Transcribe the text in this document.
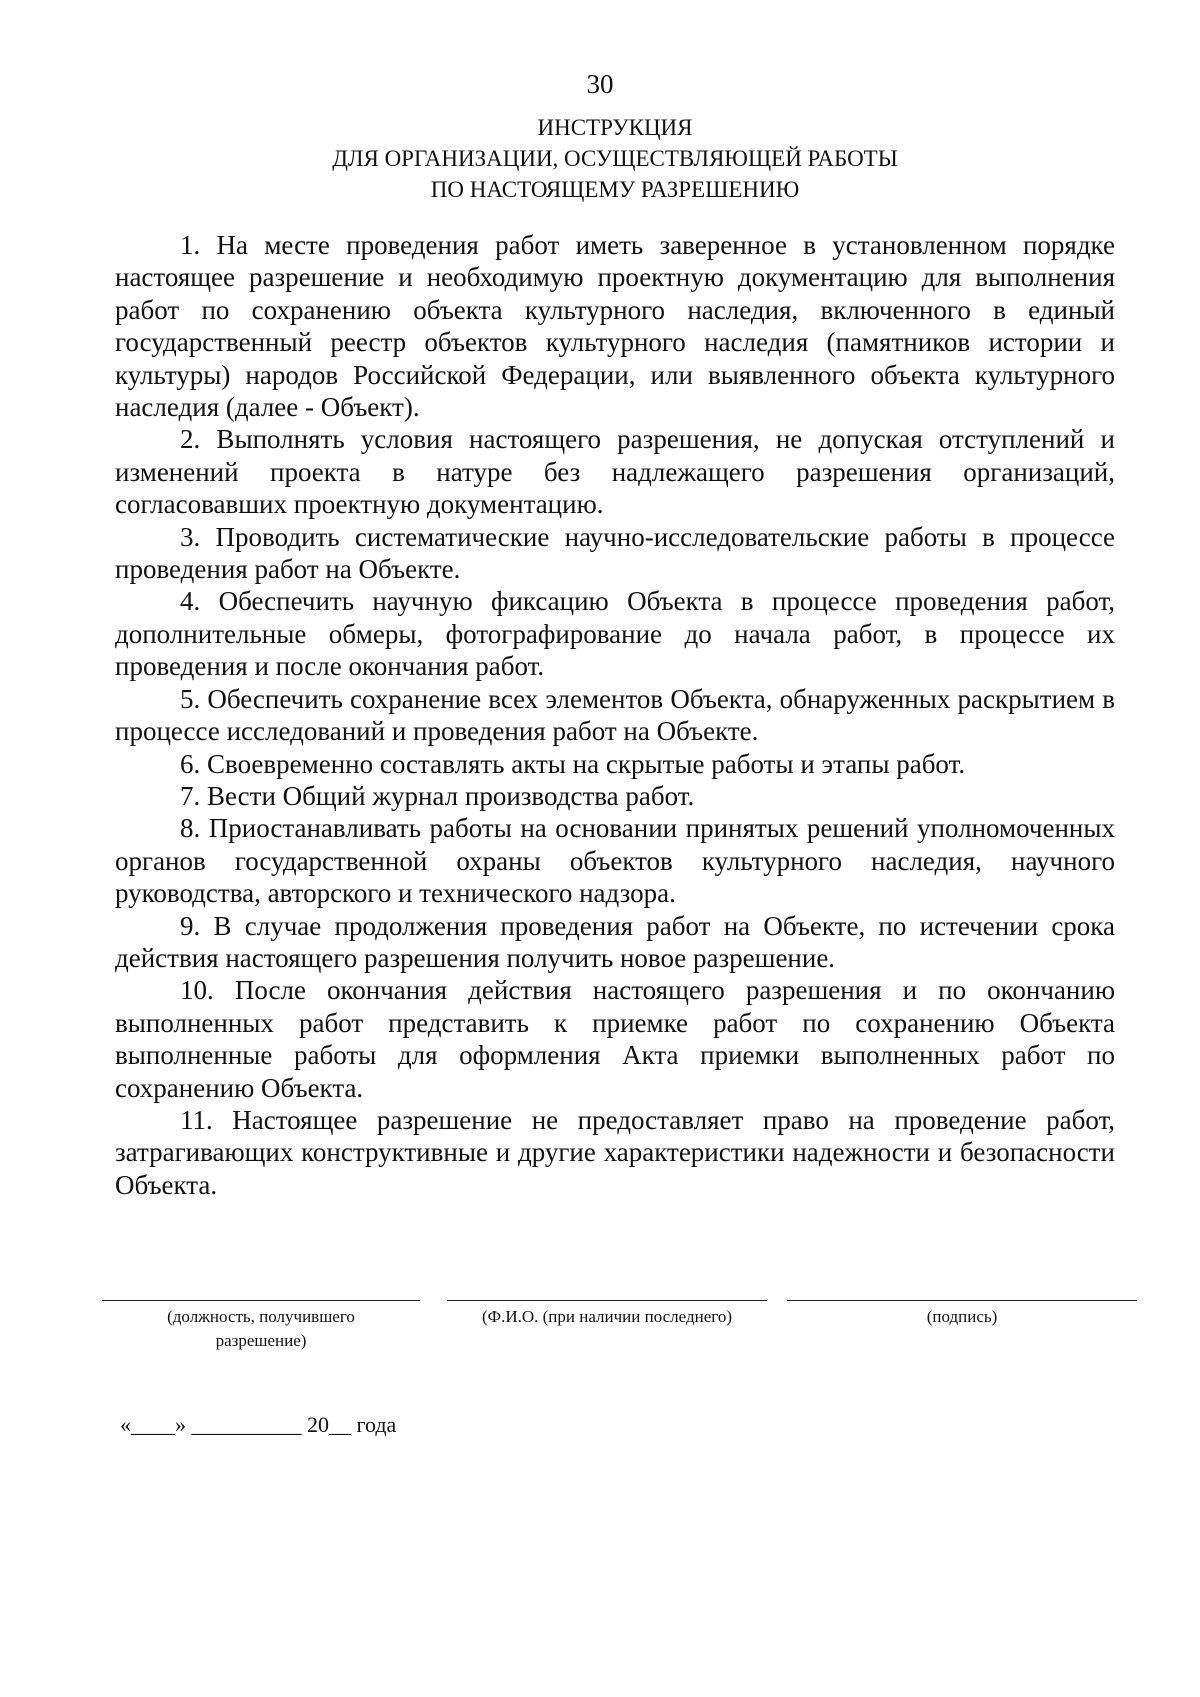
30
ИНСТРУКЦИЯ
ДЛЯ ОРГАНИЗАЦИИ, ОСУЩЕСТВЛЯЮЩЕЙ РАБОТЫ
ПО НАСТОЯЩЕМУ РАЗРЕШЕНИЮ

1. На месте проведения работ иметь заверенное в установленном порядке настоящее разрешение и необходимую проектную документацию для выполнения работ по сохранению объекта культурного наследия, включенного в единый государственный реестр объектов культурного наследия (памятников истории и культуры) народов Российской Федерации, или выявленного объекта культурного наследия (далее - Объект).

2. Выполнять условия настоящего разрешения, не допуская отступлений и изменений проекта в натуре без надлежащего разрешения организаций, согласовавших проектную документацию.

3. Проводить систематические научно-исследовательские работы в процессе проведения работ на Объекте.

4. Обеспечить научную фиксацию Объекта в процессе проведения работ, дополнительные обмеры, фотографирование до начала работ, в процессе их проведения и после окончания работ.

5. Обеспечить сохранение всех элементов Объекта, обнаруженных раскрытием в процессе исследований и проведения работ на Объекте.

6. Своевременно составлять акты на скрытые работы и этапы работ.

7. Вести Общий журнал производства работ.

8. Приостанавливать работы на основании принятых решений уполномоченных органов государственной охраны объектов культурного наследия, научного руководства, авторского и технического надзора.

9. В случае продолжения проведения работ на Объекте, по истечении срока действия настоящего разрешения получить новое разрешение.

10. После окончания действия настоящего разрешения и по окончанию выполненных работ представить к приемке работ по сохранению Объекта выполненные работы для оформления Акта приемки выполненных работ по сохранению Объекта.

11. Настоящее разрешение не предоставляет право на проведение работ, затрагивающих конструктивные и другие характеристики надежности и безопасности Объекта.

(должность, получившего
разрешение)
(Ф.И.О. (при наличии последнего)	(подпись)
«____» __________ 20__ года
